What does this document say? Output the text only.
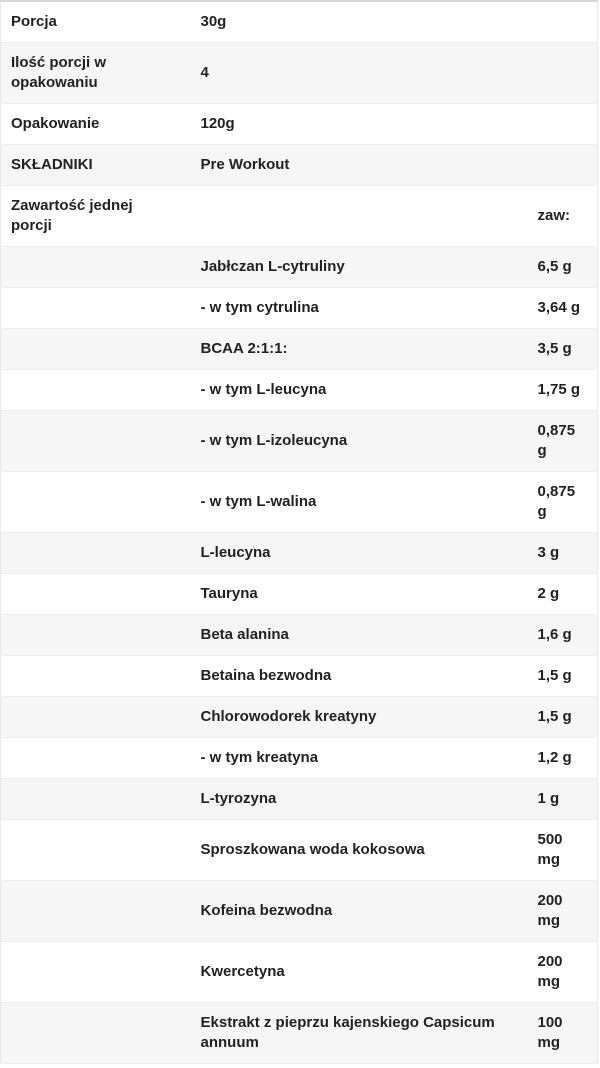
Porcja	30g	
Ilość porcji w opakowaniu	4	
Opakowanie	120g	
SKŁADNIKI	Pre Workout	
Zawartość jednej porcji		zaw:
	Jabłczan L-cytruliny	6,5 g
	- w tym cytrulina	3,64 g
	BCAA 2:1:1:	3,5 g
	- w tym L-leucyna	1,75 g
	- w tym L-izoleucyna	0,875 g
	- w tym L-walina	0,875 g
	L-leucyna	3 g
	Tauryna	2 g
	Beta alanina	1,6 g
	Betaina bezwodna	1,5 g
	Chlorowodorek kreatyny	1,5 g
	- w tym kreatyna	1,2 g
	L-tyrozyna	1 g
	Sproszkowana woda kokosowa	500 mg
	Kofeina bezwodna	200 mg
	Kwercetyna	200 mg
	Ekstrakt z pieprzu kajenskiego Capsicum annuum	100 mg
